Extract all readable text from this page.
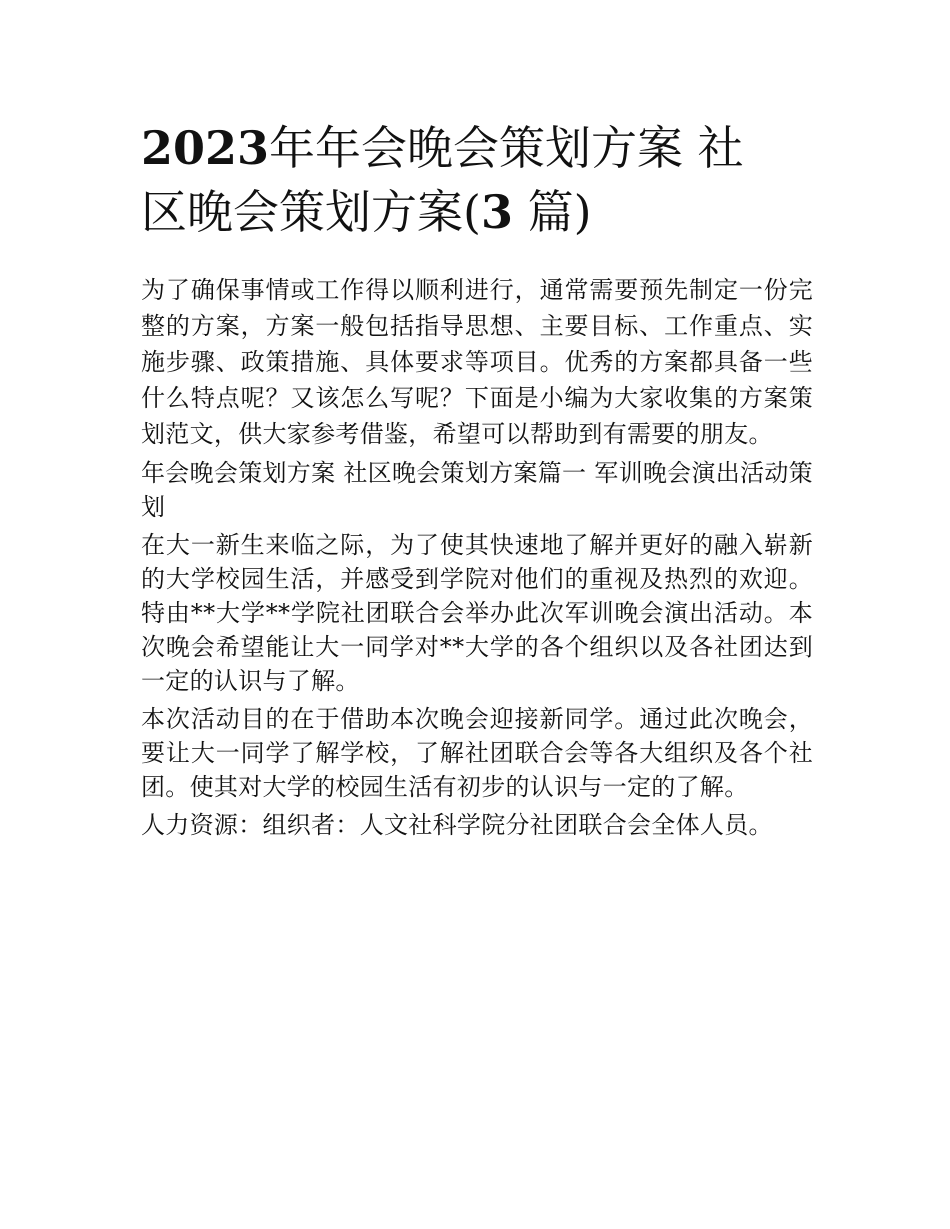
2023年年会晚会策划方案 社
区晚会策划方案(3 篇)

为了确保事情或工作得以顺利进行，通常需要预先制定一份完整的方案，方案一般包括指导思想、主要目标、工作重点、实施步骤、政策措施、具体要求等项目。优秀的方案都具备一些什么特点呢？又该怎么写呢？下面是小编为大家收集的方案策划范文，供大家参考借鉴，希望可以帮助到有需要的朋友。

年会晚会策划方案 社区晚会策划方案篇一 军训晚会演出活动策划

在大一新生来临之际，为了使其快速地了解并更好的融入崭新的大学校园生活，并感受到学院对他们的重视及热烈的欢迎。特由**大学**学院社团联合会举办此次军训晚会演出活动。本次晚会希望能让大一同学对**大学的各个组织以及各社团达到一定的认识与了解。

本次活动目的在于借助本次晚会迎接新同学。通过此次晚会，要让大一同学了解学校，了解社团联合会等各大组织及各个社团。使其对大学的校园生活有初步的认识与一定的了解。

人力资源：组织者：人文社科学院分社团联合会全体人员。
